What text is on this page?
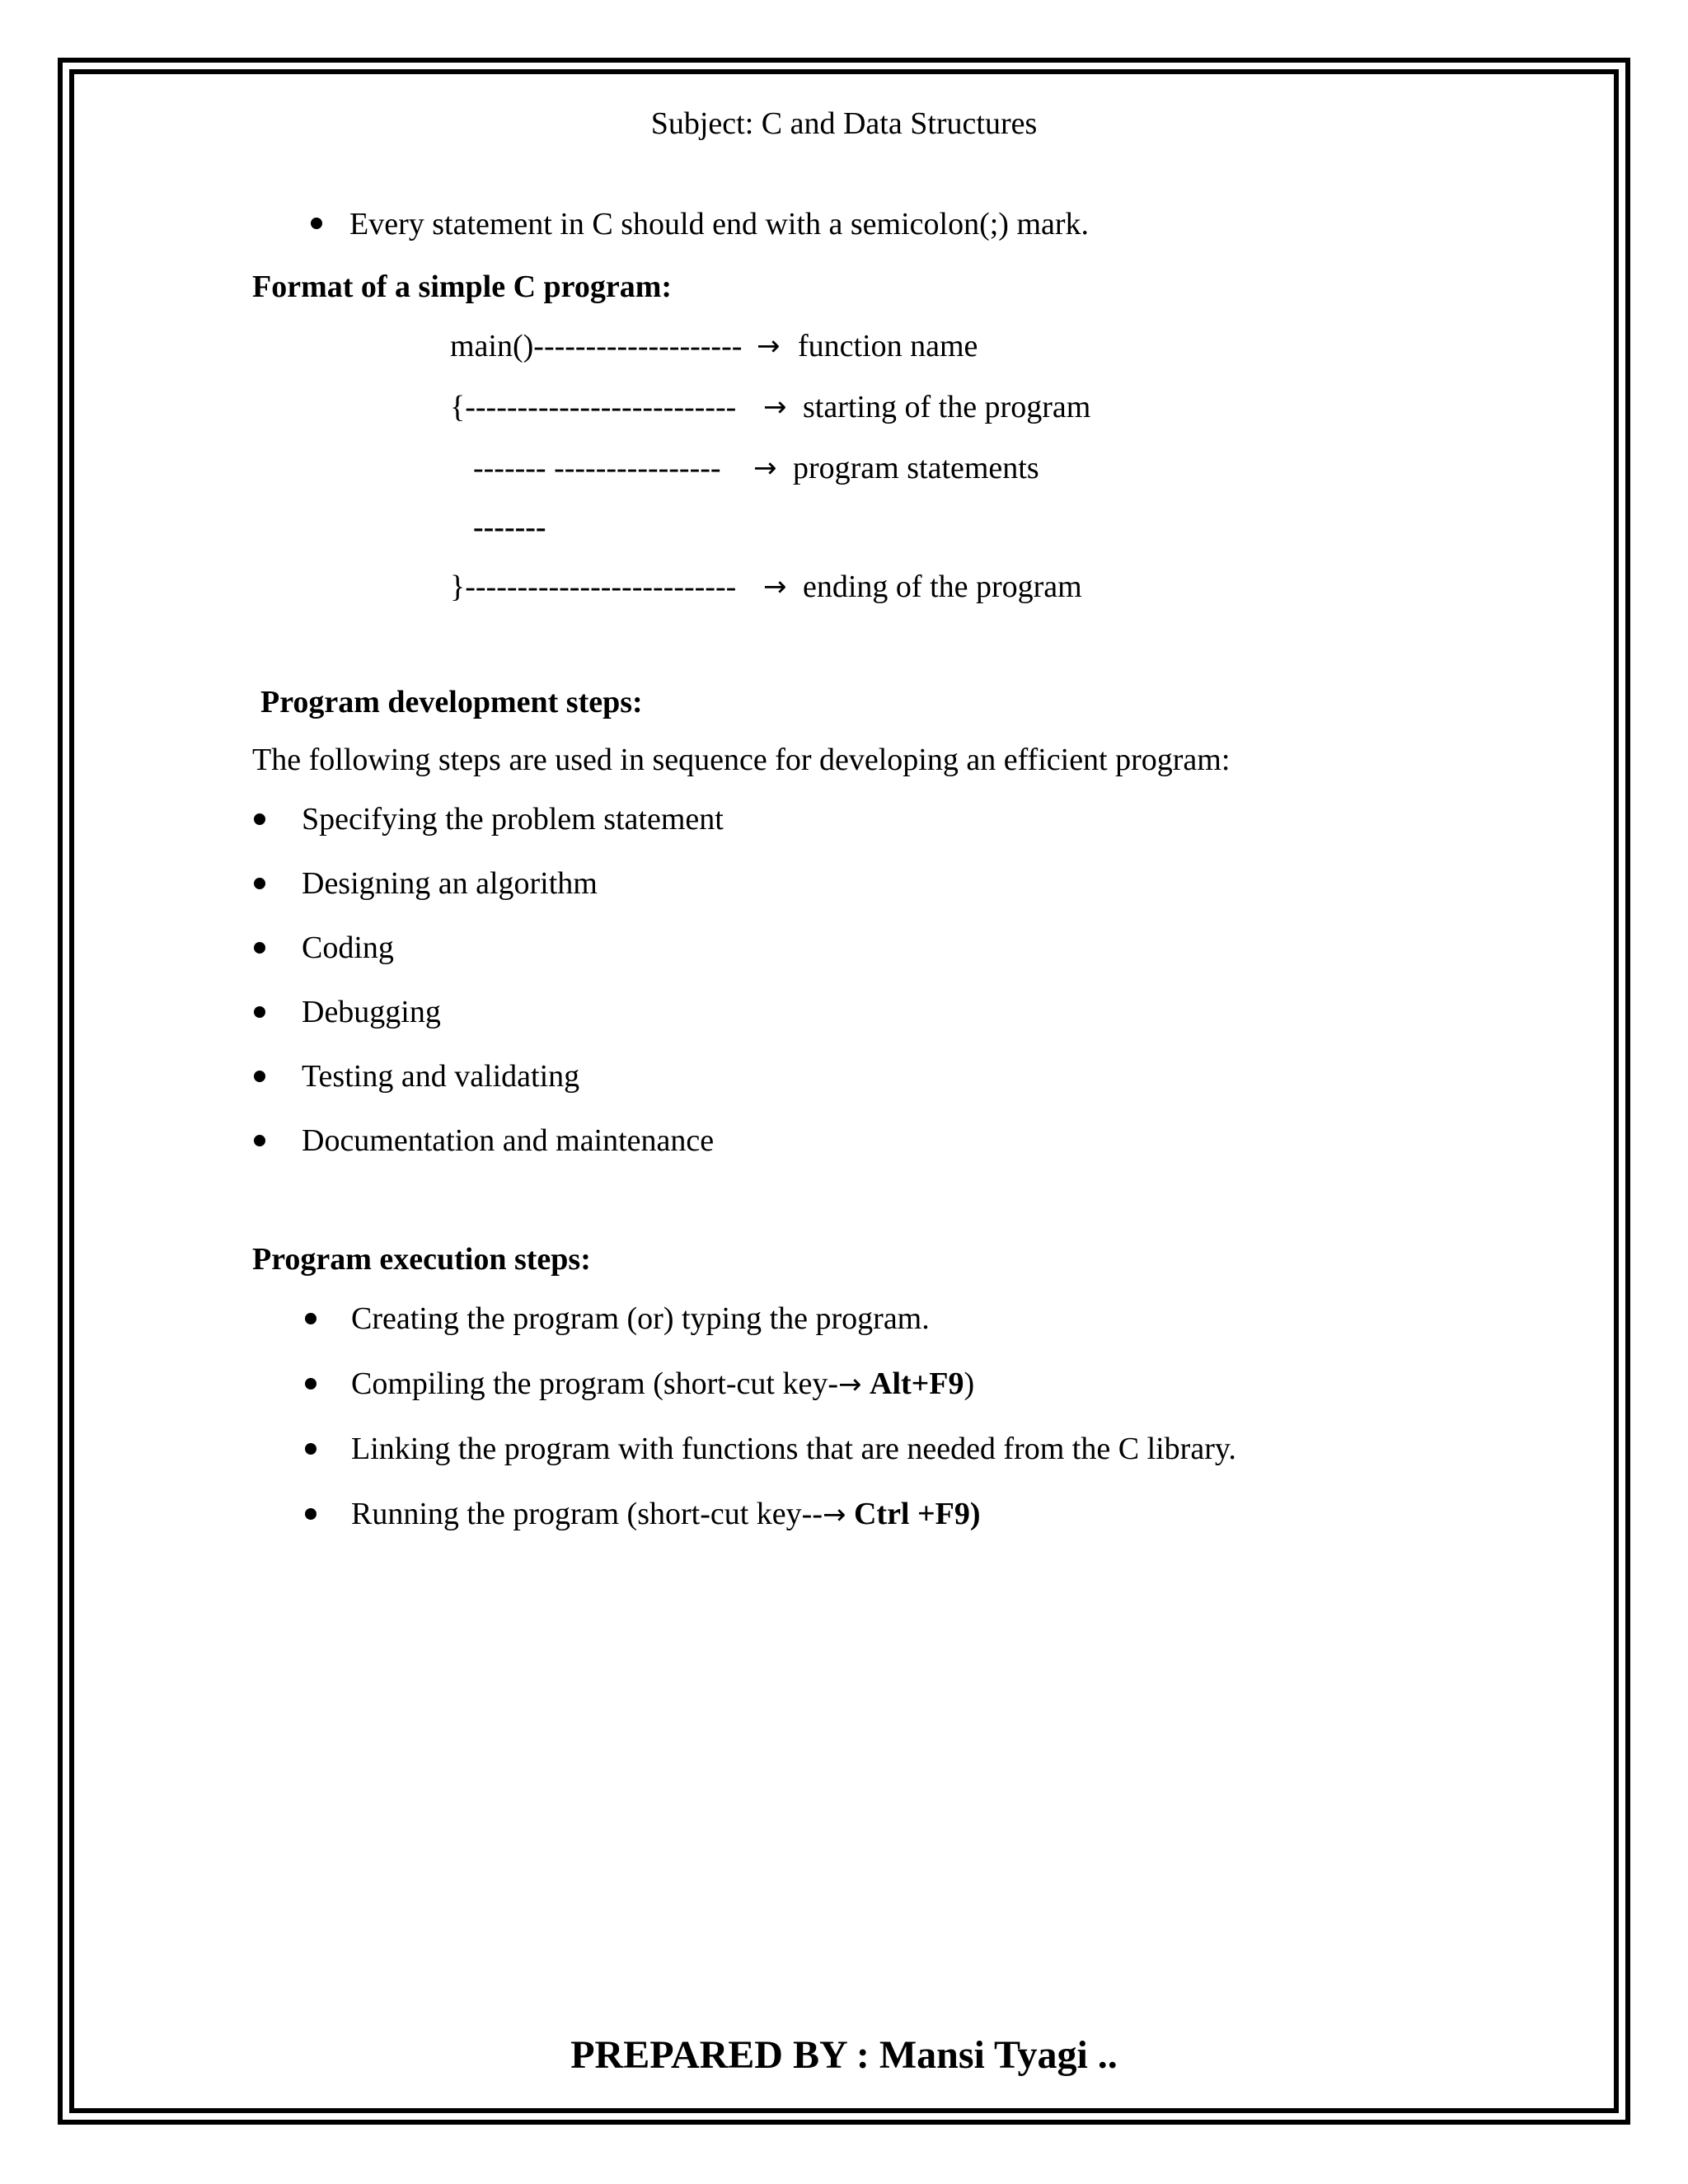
Subject: C and Data Structures
Every statement in C should end with a semicolon(;) mark.
Format of a simple C program:
main()-------------------- → function name
{-------------------------- → starting of the program
------- ---------------- → program statements
-------
}-------------------------- → ending of the program
Program development steps:
The following steps are used in sequence for developing an efficient program:
Specifying the problem statement
Designing an algorithm
Coding
Debugging
Testing and validating
Documentation and maintenance
Program execution steps:
Creating the program (or) typing the program.
Compiling the program (short-cut key-→ Alt+F9)
Linking the program with functions that are needed from the C library.
Running the program (short-cut key--→ Ctrl +F9)
PREPARED BY : Mansi Tyagi ..
